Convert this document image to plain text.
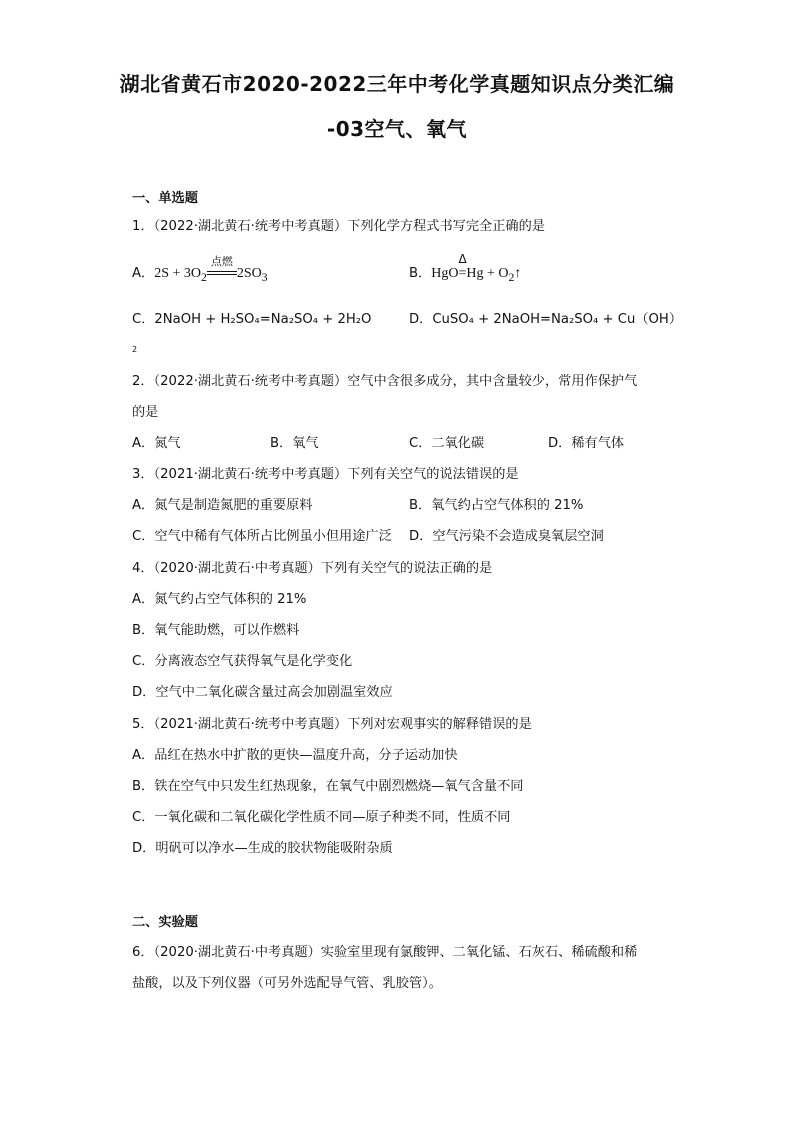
湖北省黄石市2020-2022三年中考化学真题知识点分类汇编
-03空气、氧气
一、单选题
1．（2022·湖北黄石·统考中考真题）下列化学方程式书写完全正确的是
A．$2S + 3O_2$
点燃
$2SO_3$	B．HgO
Δ
$=Hg + O_2↑$
C．2NaOH + H₂SO₄=Na₂SO₄ + 2H₂O	D．CuSO₄ + 2NaOH=Na₂SO₄ + Cu（OH）
2
2．（2022·湖北黄石·统考中考真题）空气中含很多成分，其中含量较少，常用作保护气
的是
A．氮气	B．氧气	C．二氧化碳	D．稀有气体
3．（2021·湖北黄石·统考中考真题）下列有关空气的说法错误的是
A．氮气是制造氮肥的重要原料	B．氧气约占空气体积的 21%
C．空气中稀有气体所占比例虽小但用途广泛 D．空气污染不会造成臭氧层空洞
4．（2020·湖北黄石·中考真题）下列有关空气的说法正确的是
A．氮气约占空气体积的 21%
B．氧气能助燃，可以作燃料
C．分离液态空气获得氧气是化学变化
D．空气中二氧化碳含量过高会加剧温室效应
5．（2021·湖北黄石·统考中考真题）下列对宏观事实的解释错误的是
A．品红在热水中扩散的更快—温度升高，分子运动加快
B．铁在空气中只发生红热现象，在氧气中剧烈燃烧—氧气含量不同
C．一氧化碳和二氧化碳化学性质不同—原子种类不同，性质不同
D．明矾可以净水—生成的胶状物能吸附杂质
二、实验题
6．（2020·湖北黄石·中考真题）实验室里现有氯酸钾、二氧化锰、石灰石、稀硫酸和稀
盐酸，以及下列仪器（可另外选配导气管、乳胶管）。
